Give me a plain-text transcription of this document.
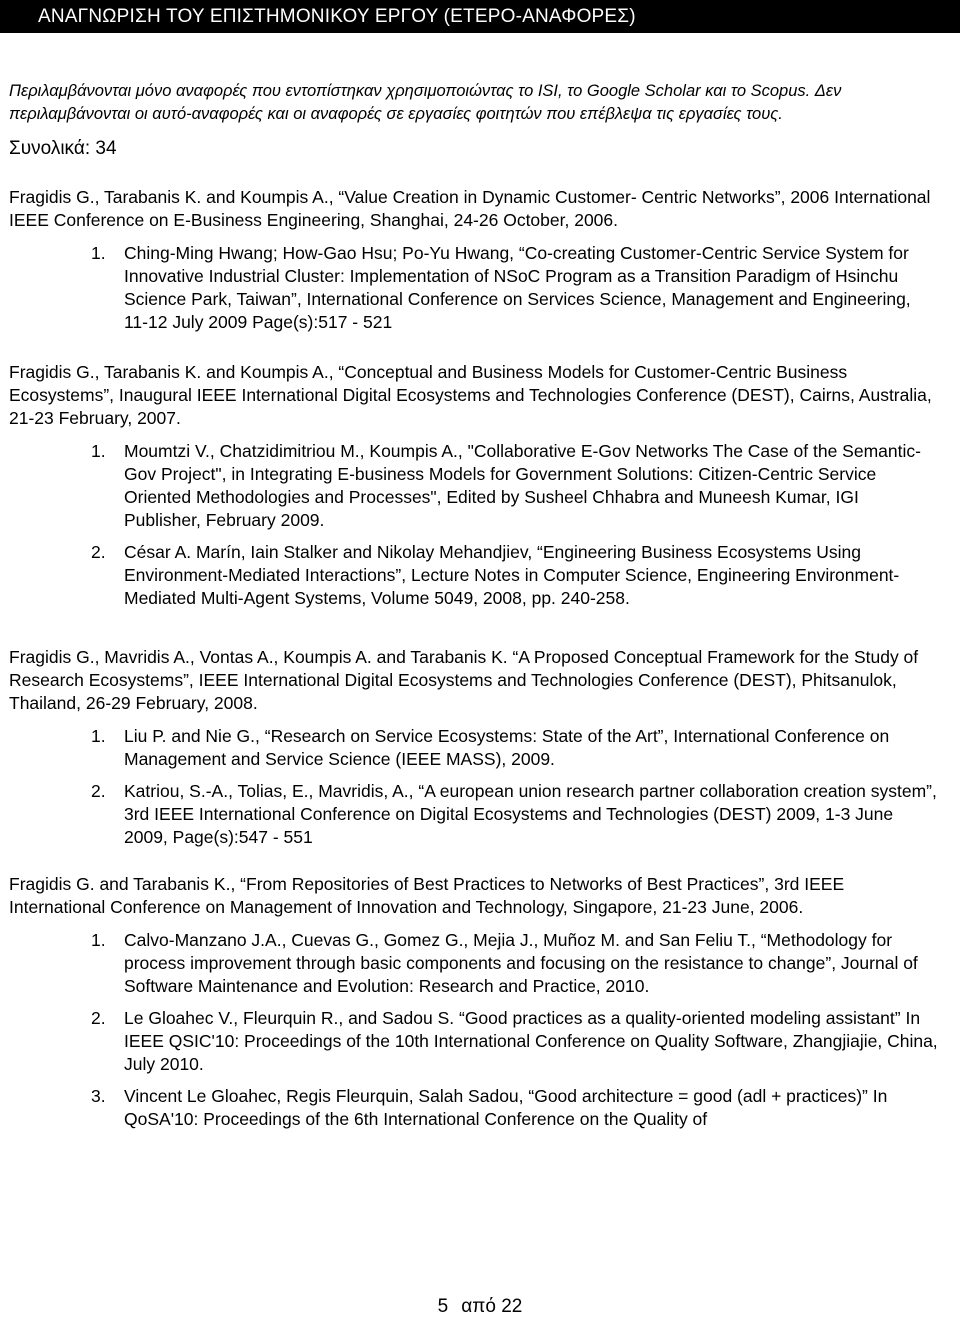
ΑΝΑΓΝΩΡΙΣΗ ΤΟΥ ΕΠΙΣΤΗΜΟΝΙΚΟΥ ΕΡΓΟΥ (ΕΤΕΡΟ-ΑΝΑΦΟΡΕΣ)

Περιλαμβάνονται μόνο αναφορές που εντοπίστηκαν χρησιμοποιώντας το ISI, το Google Scholar και το Scopus. Δεν περιλαμβάνονται οι αυτό-αναφορές και οι αναφορές σε εργασίες φοιτητών που επέβλεψα τις εργασίες τους.

Συνολικά: 34

Fragidis G., Tarabanis K. and Koumpis A., “Value Creation in Dynamic Customer- Centric Networks”, 2006 International IEEE Conference on E-Business Engineering, Shanghai, 24-26 October, 2006.

1. Ching-Ming Hwang; How-Gao Hsu; Po-Yu Hwang, “Co-creating Customer-Centric Service System for Innovative Industrial Cluster: Implementation of NSoC Program as a Transition Paradigm of Hsinchu Science Park, Taiwan”, International Conference on Services Science, Management and Engineering, 11-12 July 2009 Page(s):517 - 521

Fragidis G., Tarabanis K. and Koumpis A., “Conceptual and Business Models for Customer-Centric Business Ecosystems”, Inaugural IEEE International Digital Ecosystems and Technologies Conference (DEST), Cairns, Australia, 21-23 February, 2007.

1. Moumtzi V., Chatzidimitriou M., Koumpis A., "Collaborative E-Gov Networks The Case of the Semantic-Gov Project", in Integrating E-business Models for Government Solutions: Citizen-Centric Service Oriented Methodologies and Processes", Edited by Susheel Chhabra and Muneesh Kumar, IGI Publisher, February 2009.
2. César A. Marín, Iain Stalker and Nikolay Mehandjiev, “Engineering Business Ecosystems Using Environment-Mediated Interactions”, Lecture Notes in Computer Science, Engineering Environment-Mediated Multi-Agent Systems, Volume 5049, 2008, pp. 240-258.

Fragidis G., Mavridis A., Vontas A., Koumpis A. and Tarabanis K. “A Proposed Conceptual Framework for the Study of Research Ecosystems”, IEEE International Digital Ecosystems and Technologies Conference (DEST), Phitsanulok, Thailand, 26-29 February, 2008.

1. Liu P. and Nie G., “Research on Service Ecosystems: State of the Art”, International Conference on Management and Service Science (IEEE MASS), 2009.
2. Katriou, S.-A., Tolias, E., Mavridis, A., “A european union research partner collaboration creation system”, 3rd IEEE International Conference on Digital Ecosystems and Technologies (DEST) 2009, 1-3 June 2009, Page(s):547 - 551

Fragidis G. and Tarabanis K., “From Repositories of Best Practices to Networks of Best Practices”, 3rd IEEE International Conference on Management of Innovation and Technology, Singapore, 21-23 June, 2006.

1. Calvo-Manzano J.A., Cuevas G., Gomez G., Mejia J., Muñoz M. and San Feliu T., “Methodology for process improvement through basic components and focusing on the resistance to change”, Journal of Software Maintenance and Evolution: Research and Practice, 2010.
2. Le Gloahec V., Fleurquin R., and Sadou S. “Good practices as a quality-oriented modeling assistant” In IEEE QSIC'10: Proceedings of the 10th International Conference on Quality Software, Zhangjiajie, China, July 2010.
3. Vincent Le Gloahec, Regis Fleurquin, Salah Sadou, “Good architecture = good (adl + practices)” In QoSA'10: Proceedings of the 6th International Conference on the Quality of
5 από 22
